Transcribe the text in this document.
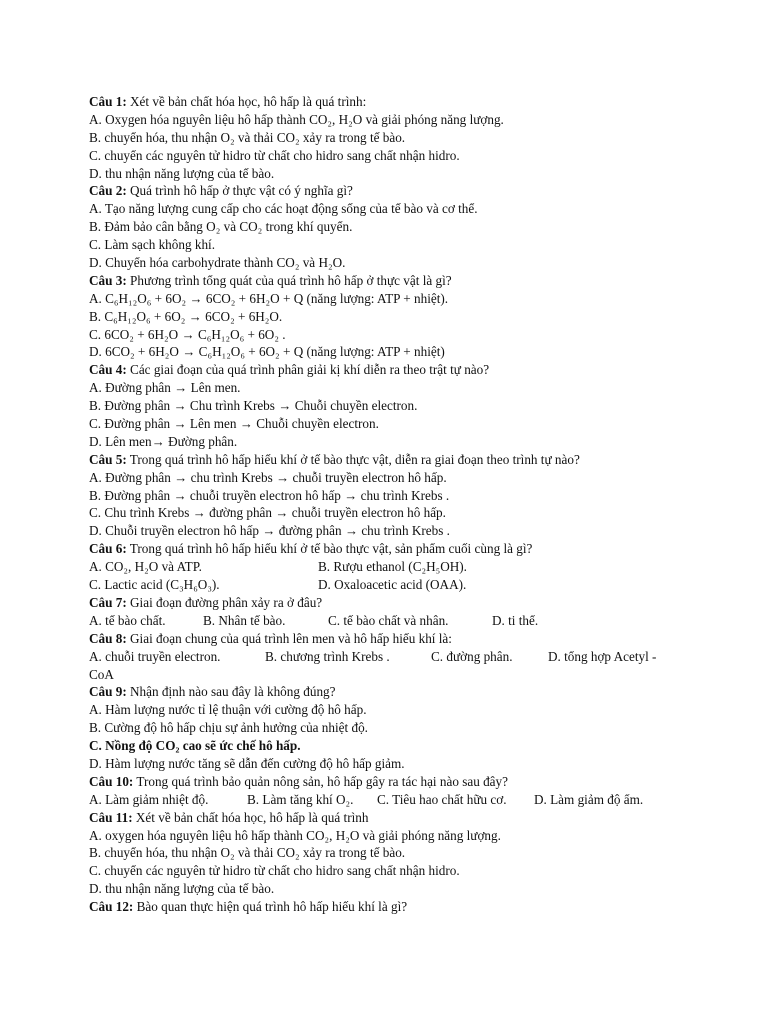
Câu 1: Xét về bản chất hóa học, hô hấp là quá trình:
A. Oxygen hóa nguyên liệu hô hấp thành CO₂, H₂O và giải phóng năng lượng.
B. chuyển hóa, thu nhận O₂ và thải CO₂ xảy ra trong tế bào.
C. chuyển các nguyên tử hidro từ chất cho hidro sang chất nhận hidro.
D. thu nhận năng lượng của tế bào.
Câu 2: Quá trình hô hấp ở thực vật có ý nghĩa gì?
A. Tạo năng lượng cung cấp cho các hoạt động sống của tế bào và cơ thể.
B. Đảm bảo cân bằng O₂ và CO₂ trong khí quyển.
C. Làm sạch không khí.
D. Chuyển hóa carbohydrate thành CO₂ và H₂O.
Câu 3: Phương trình tổng quát của quá trình hô hấp ở thực vật là gì?
A. C₆H₁₂O₆ + 6O₂ → 6CO₂ + 6H₂O + Q (năng lượng: ATP + nhiệt).
B. C₆H₁₂O₆ + 6O₂ → 6CO₂ + 6H₂O.
C. 6CO₂ + 6H₂O → C₆H₁₂O₆ + 6O₂ .
D. 6CO₂ + 6H₂O → C₆H₁₂O₆ + 6O₂ + Q (năng lượng: ATP + nhiệt)
Câu 4: Các giai đoạn của quá trình phân giải kị khí diễn ra theo trật tự nào?
A. Đường phân → Lên men.
B. Đường phân → Chu trình Krebs → Chuỗi chuyền electron.
C. Đường phân → Lên men → Chuỗi chuyền electron.
D. Lên men→ Đường phân.
Câu 5: Trong quá trình hô hấp hiếu khí ở tế bào thực vật, diễn ra giai đoạn theo trình tự nào?
A. Đường phân → chu trình Krebs → chuỗi truyền electron hô hấp.
B. Đường phân → chuỗi truyền electron hô hấp → chu trình Krebs .
C. Chu trình Krebs → đường phân → chuỗi truyền electron hô hấp.
D. Chuỗi truyền electron hô hấp → đường phân → chu trình Krebs .
Câu 6: Trong quá trình hô hấp hiếu khí ở tế bào thực vật, sản phẩm cuối cùng là gì?
A. CO₂, H₂O và ATP.	B. Rượu ethanol (C₂H₅OH).
C. Lactic acid (C₃H₆O₃).	D. Oxaloacetic acid (OAA).
Câu 7: Giai đoạn đường phân xảy ra ở đâu?
A. tế bào chất.	B. Nhân tế bào.	C. tế bào chất và nhân.	D. ti thể.
Câu 8: Giai đoạn chung của quá trình lên men và hô hấp hiếu khí là:
A. chuỗi truyền electron.	B. chương trình Krebs .	C. đường phân.	D. tổng hợp Acetyl -
CoA
Câu 9: Nhận định nào sau đây là không đúng?
A. Hàm lượng nước tỉ lệ thuận với cường độ hô hấp.
B. Cường độ hô hấp chịu sự ảnh hưởng của nhiệt độ.
C. Nồng độ CO₂ cao sẽ ức chế hô hấp.
D. Hàm lượng nước tăng sẽ dẫn đến cường độ hô hấp giảm.
Câu 10: Trong quá trình bảo quản nông sản, hô hấp gây ra tác hại nào sau đây?
A. Làm giảm nhiệt độ.	B. Làm tăng khí O₂.	C. Tiêu hao chất hữu cơ.	D. Làm giảm độ ẩm.
Câu 11: Xét về bản chất hóa học, hô hấp là quá trình
A. oxygen hóa nguyên liệu hô hấp thành CO₂, H₂O và giải phóng năng lượng.
B. chuyển hóa, thu nhận O₂ và thải CO₂ xảy ra trong tế bào.
C. chuyển các nguyên tử hidro từ chất cho hidro sang chất nhận hidro.
D. thu nhận năng lượng của tế bào.
Câu 12: Bào quan thực hiện quá trình hô hấp hiếu khí là gì?
